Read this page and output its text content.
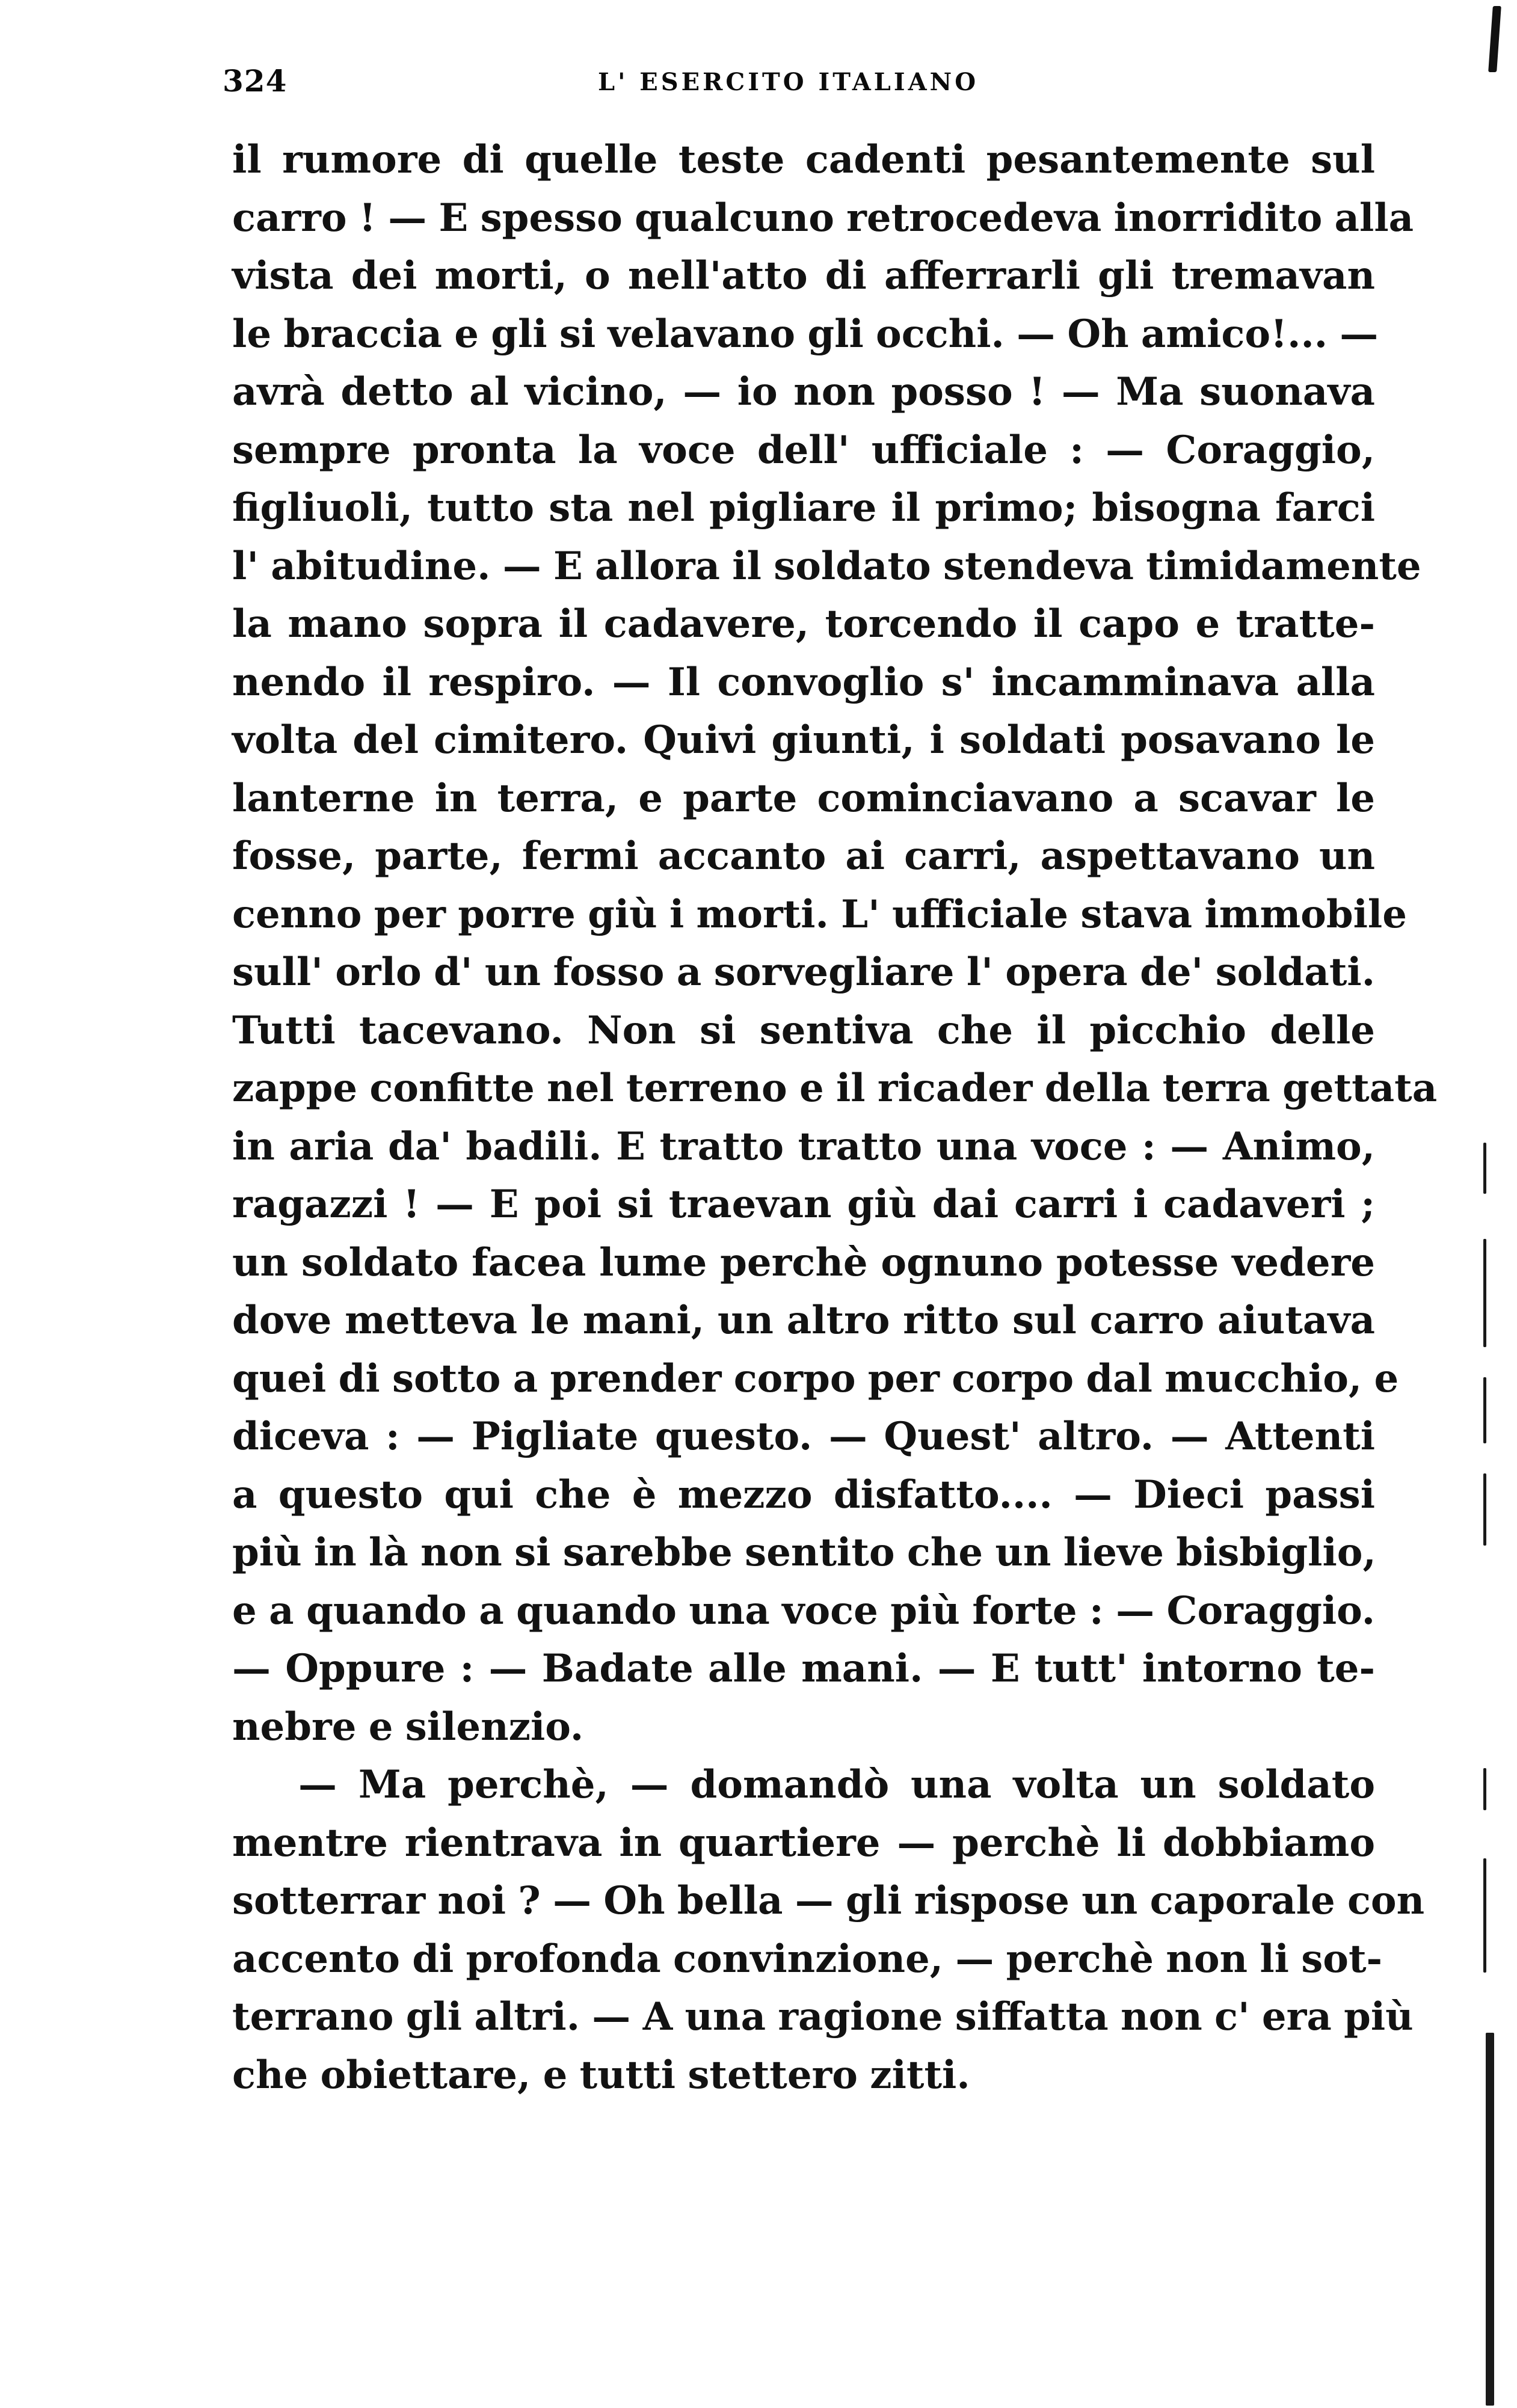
324	L' ESERCITO ITALIANO
il rumore di quelle teste cadenti pesantemente sul
carro ! — E spesso qualcuno retrocedeva inorridito alla
vista dei morti, o nell'atto di afferrarli gli tremavan
le braccia e gli si velavano gli occhi. — Oh amico!... —
avrà detto al vicino, — io non posso ! — Ma suonava
sempre pronta la voce dell' ufficiale : — Coraggio,
figliuoli, tutto sta nel pigliare il primo; bisogna farci
l' abitudine. — E allora il soldato stendeva timidamente
la mano sopra il cadavere, torcendo il capo e tratte-
nendo il respiro. — Il convoglio s' incamminava alla
volta del cimitero. Quivi giunti, i soldati posavano le
lanterne in terra, e parte cominciavano a scavar le
fosse, parte, fermi accanto ai carri, aspettavano un
cenno per porre giù i morti. L' ufficiale stava immobile
sull' orlo d' un fosso a sorvegliare l' opera de' soldati.
Tutti tacevano. Non si sentiva che il picchio delle
zappe confitte nel terreno e il ricader della terra gettata
in aria da' badili. E tratto tratto una voce : — Animo,
ragazzi ! — E poi si traevan giù dai carri i cadaveri ;
un soldato facea lume perchè ognuno potesse vedere
dove metteva le mani, un altro ritto sul carro aiutava
quei di sotto a prender corpo per corpo dal mucchio, e
diceva : — Pigliate questo. — Quest' altro. — Attenti
a questo qui che è mezzo disfatto.... — Dieci passi
più in là non si sarebbe sentito che un lieve bisbiglio,
e a quando a quando una voce più forte : — Coraggio.
— Oppure : — Badate alle mani. — E tutt' intorno te-
nebre e silenzio.
— Ma perchè, — domandò una volta un soldato
mentre rientrava in quartiere — perchè li dobbiamo
sotterrar noi ? — Oh bella — gli rispose un caporale con
accento di profonda convinzione, — perchè non li sot-
terrano gli altri. — A una ragione siffatta non c' era più
che obiettare, e tutti stettero zitti.
